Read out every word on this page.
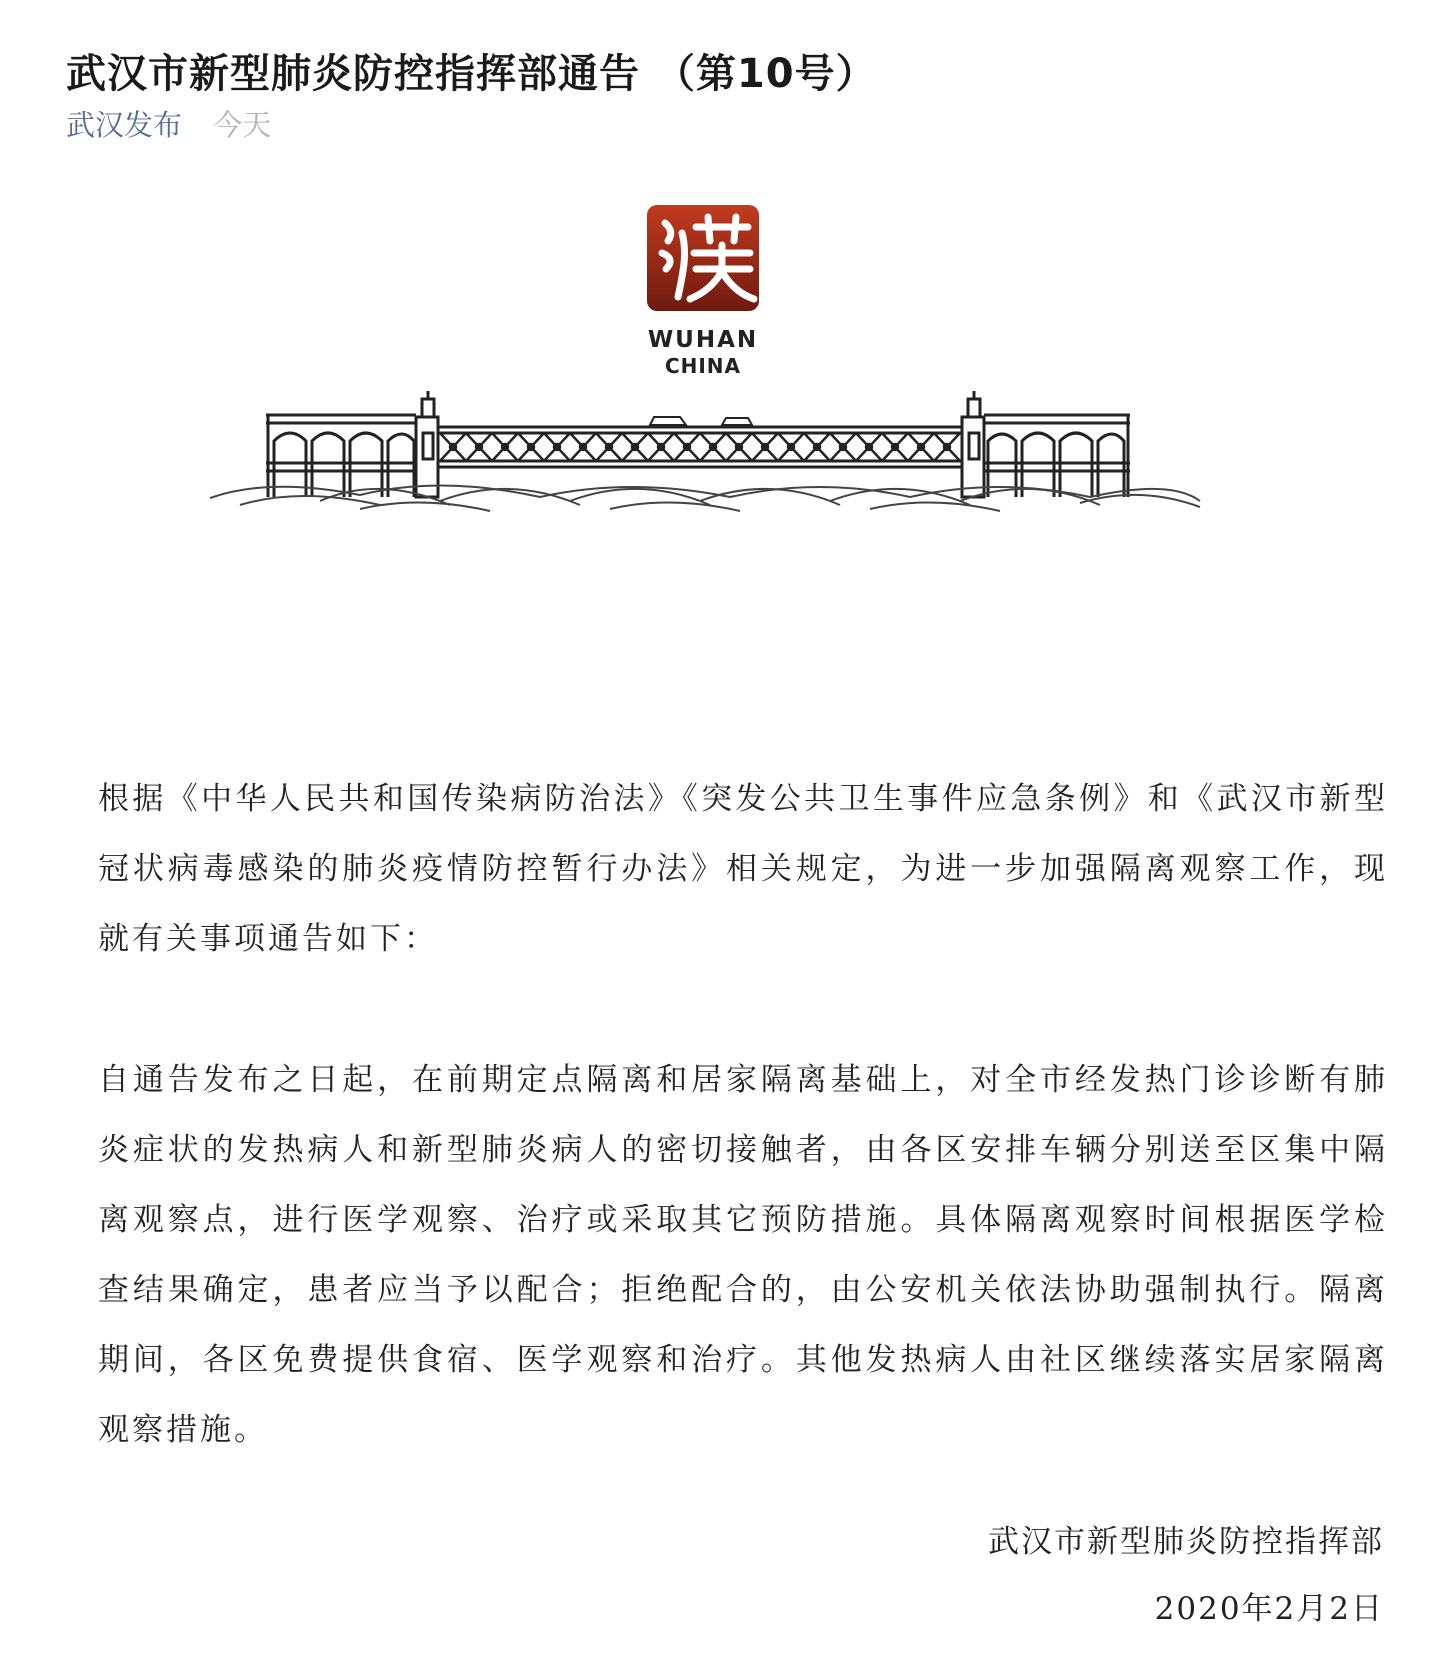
武汉市新型肺炎防控指挥部通告 （第10号）
武汉发布 今天
WUHAN
CHINA

根据《中华人民共和国传染病防治法》《突发公共卫生事件应急条例》和《武汉市新型冠状病毒感染的肺炎疫情防控暂行办法》相关规定，为进一步加强隔离观察工作，现就有关事项通告如下：

自通告发布之日起，在前期定点隔离和居家隔离基础上，对全市经发热门诊诊断有肺炎症状的发热病人和新型肺炎病人的密切接触者，由各区安排车辆分别送至区集中隔离观察点，进行医学观察、治疗或采取其它预防措施。具体隔离观察时间根据医学检查结果确定，患者应当予以配合；拒绝配合的，由公安机关依法协助强制执行。隔离期间，各区免费提供食宿、医学观察和治疗。其他发热病人由社区继续落实居家隔离观察措施。

武汉市新型肺炎防控指挥部
2020年2月2日
